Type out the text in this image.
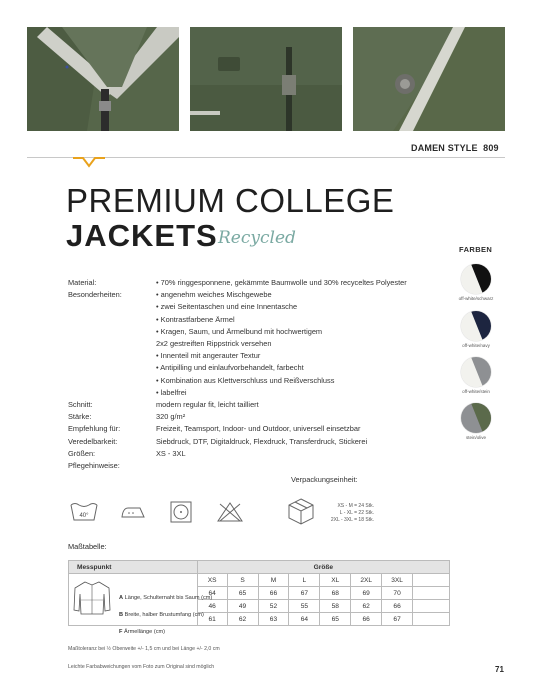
DAMEN STYLE 809
PREMIUM COLLEGE
JACKETS Recycled
FARBEN
off-white/schwarz
off-white/navy
off-white/stein
stein/olive
Material:	• 70% ringgesponnene, gekämmte Baumwolle und 30% recyceltes Polyester
Besonderheiten:	• angenehm weiches Mischgewebe
• zwei Seitentaschen und eine Innentasche
• Kontrastfarbene Ärmel
• Kragen, Saum, und Ärmelbund mit hochwertigem
2x2 gestreiften Rippstrick versehen
• Innenteil mit angerauter Textur
• Antipilling und einlaufvorbehandelt, farbecht
• Kombination aus Klettverschluss und Reißverschluss
• labelfrei
Schnitt:	modern regular fit, leicht tailliert
Stärke:	320 g/m²
Empfehlung für:	Freizeit, Teamsport, Indoor- und Outdoor, universell einsetzbar
Veredelbarkeit:	Siebdruck, DTF, Digitaldruck, Flexdruck, Transferdruck, Stickerei
Größen:	XS - 3XL
Pflegehinweise:
40°
Verpackungseinheit:
XS - M = 24 Stk.
L - XL = 22 Stk.
2XL - 3XL = 18 Stk.
Maßtabelle:
Messpunkt	Größe							

	XS	S	M	L	XL	2XL	3XL	
	64	65	66	67	68	69	70	
	46	49	52	55	58	62	66	
	61	62	63	64	65	66	67	
A Länge, Schulternaht bis Saum (cm)
B Breite, halber Brustumfang (cm)
F Ärmellänge (cm)
Maßtoleranz bei ½ Oberweite +/- 1,5 cm und bei Länge +/- 2,0 cm
Leichte Farbabweichungen vom Foto zum Original sind möglich	71
